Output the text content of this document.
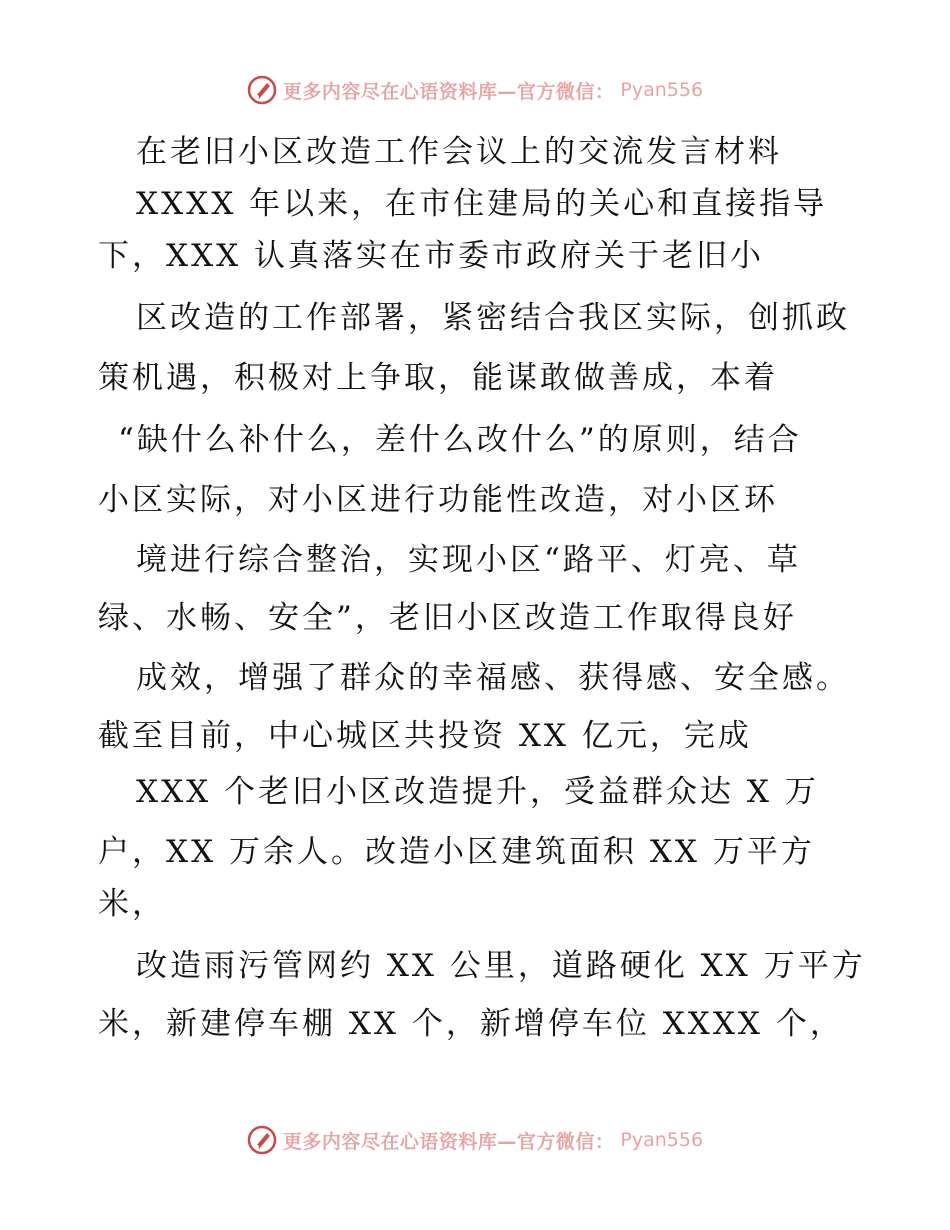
更多内容尽在心语资料库—官方微信： Pyan556
在老旧小区改造工作会议上的交流发言材料
XXXX 年以来，在市住建局的关心和直接指导
下，XXX 认真落实在市委市政府关于老旧小
区改造的工作部署，紧密结合我区实际，创抓政
策机遇，积极对上争取，能谋敢做善成，本着
“缺什么补什么，差什么改什么”的原则，结合
小区实际，对小区进行功能性改造，对小区环
境进行综合整治，实现小区“路平、灯亮、草
绿、水畅、安全”，老旧小区改造工作取得良好
成效，增强了群众的幸福感、获得感、安全感。
截至目前，中心城区共投资 XX 亿元，完成
XXX 个老旧小区改造提升，受益群众达 X 万
户，XX 万余人。改造小区建筑面积 XX 万平方
米，
改造雨污管网约 XX 公里，道路硬化 XX 万平方
米，新建停车棚 XX 个，新增停车位 XXXX 个，
更多内容尽在心语资料库—官方微信： Pyan556
